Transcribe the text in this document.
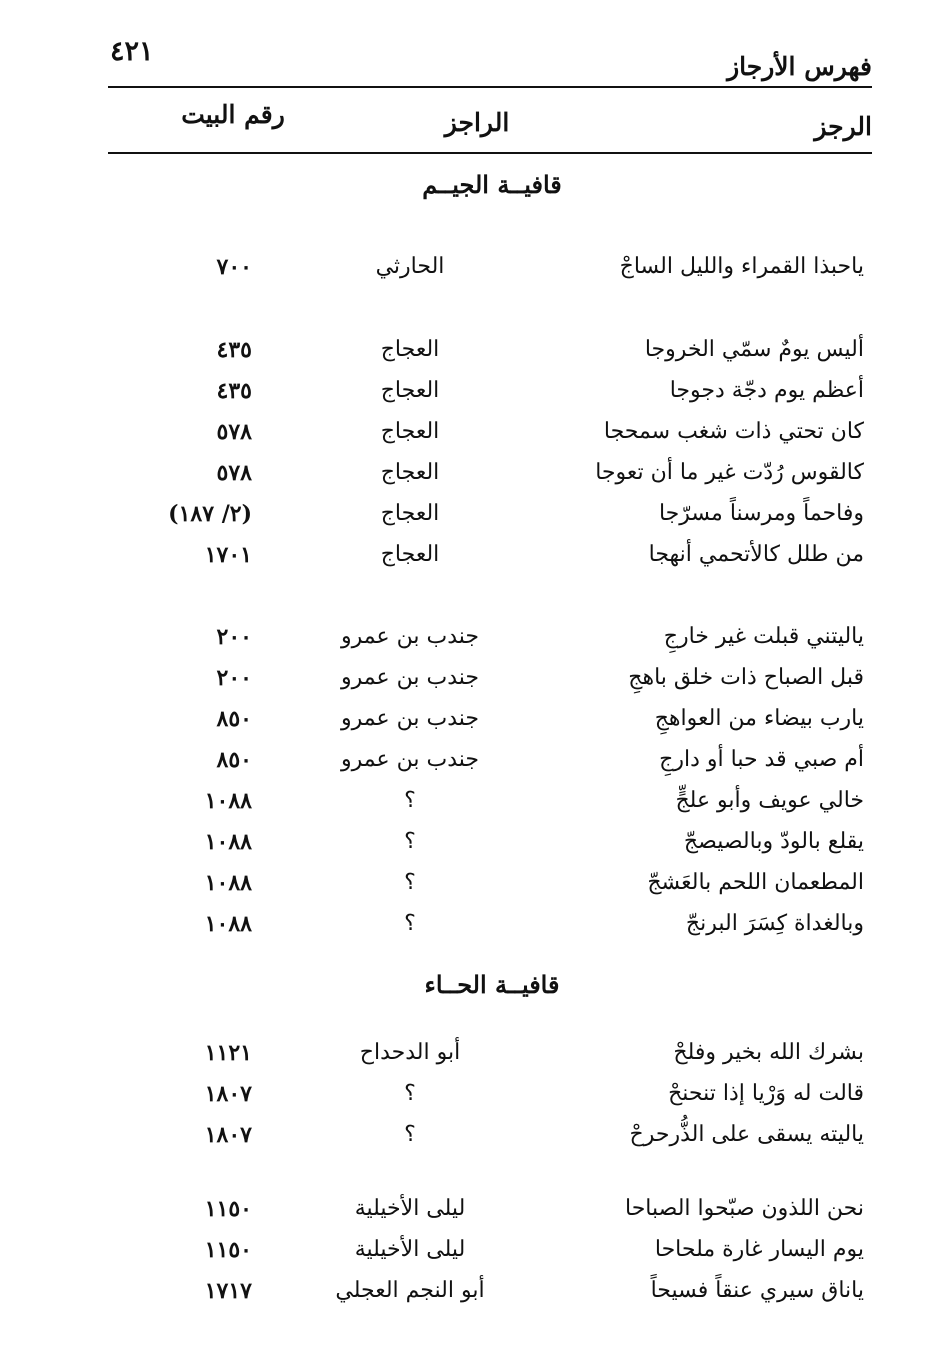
٤٢١	فهرس الأرجاز
الرجز
الراجز
رقم البيت
قافيــة الجيــم
ياحبذا القمراء والليل الساجْ
الحارثي
٧٠٠
أليس يومٌ سمّي الخروجا
العجاج
٤٣٥
أعظم يوم دجّة دجوجا
العجاج
٤٣٥
كان تحتي ذات شغب سمحجا
العجاج
٥٧٨
كالقوس رُدّت غير ما أن تعوجا
العجاج
٥٧٨
وفاحماً ومرسناً مسرّجا
العجاج
(٢/ ١٨٧)
من طلل كالأتحمي أنهجا
العجاج
١٧٠١
ياليتني قبلت غير خارجِ
جندب بن عمرو
٢٠٠
قبل الصباح ذات خلق باهجِ
جندب بن عمرو
٢٠٠
يارب بيضاء من العواهجِ
جندب بن عمرو
٨٥٠
أم صبي قد حبا أو دارجِ
جندب بن عمرو
٨٥٠
خالي عويف وأبو علجٍّ
؟
١٠٨٨
يقلع بالودّ وبالصيصجّ
؟
١٠٨٨
المطعمان اللحم بالعَشجّ
؟
١٠٨٨
وبالغداة كِسَرَ البرنجّ
؟
١٠٨٨
قافيــة الحــاء
بشرك الله بخير وفلحْ
أبو الدحداح
١١٢١
قالت له وَرْيا إذا تنحنحْ
؟
١٨٠٧
ياليته يسقى على الذُّرحرحْ
؟
١٨٠٧
نحن اللذون صبّحوا الصباحا
ليلى الأخيلية
١١٥٠
يوم اليسار غارة ملحاحا
ليلى الأخيلية
١١٥٠
ياناق سيري عنقاً فسيحاً
أبو النجم العجلي
١٧١٧
